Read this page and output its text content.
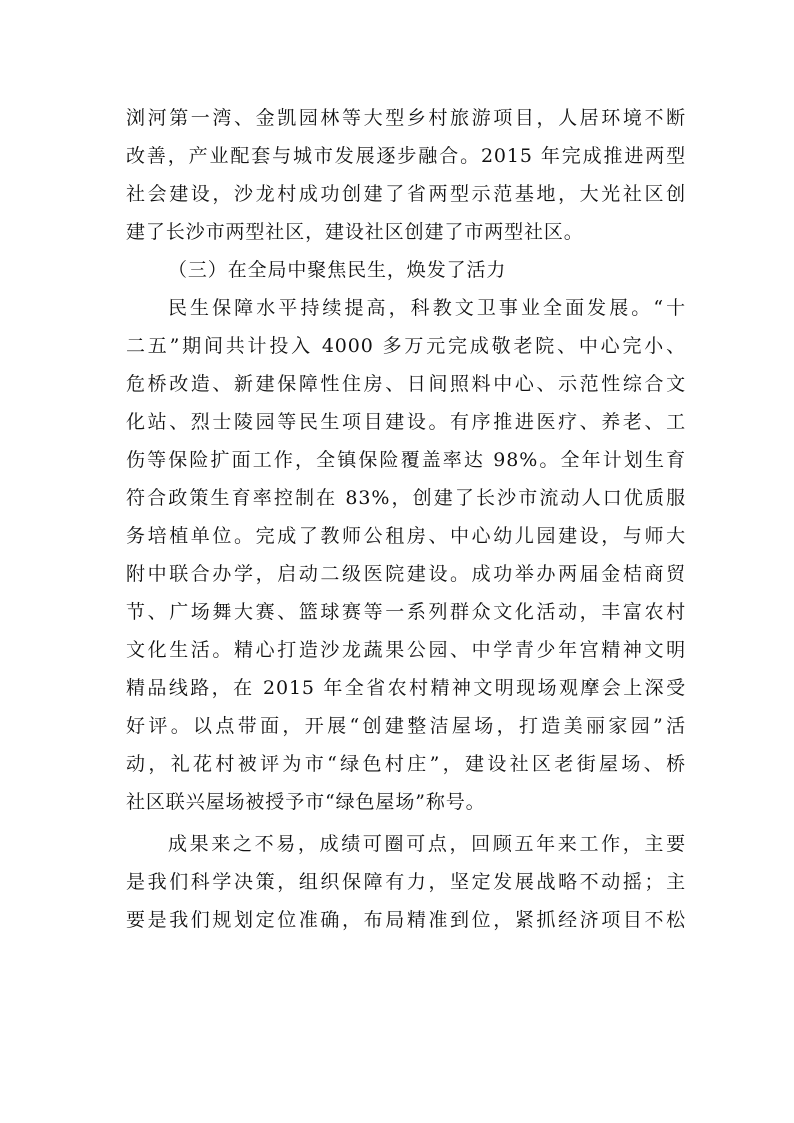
浏河第一湾、金凯园林等大型乡村旅游项目，人居环境不断
改善，产业配套与城市发展逐步融合。2015 年完成推进两型
社会建设，沙龙村成功创建了省两型示范基地，大光社区创
建了长沙市两型社区，建设社区创建了市两型社区。
（三）在全局中聚焦民生，焕发了活力
民生保障水平持续提高，科教文卫事业全面发展。“十
二五”期间共计投入 4000 多万元完成敬老院、中心完小、
危桥改造、新建保障性住房、日间照料中心、示范性综合文
化站、烈士陵园等民生项目建设。有序推进医疗、养老、工
伤等保险扩面工作，全镇保险覆盖率达 98%。全年计划生育
符合政策生育率控制在 83%，创建了长沙市流动人口优质服
务培植单位。完成了教师公租房、中心幼儿园建设，与师大
附中联合办学，启动二级医院建设。成功举办两届金桔商贸
节、广场舞大赛、篮球赛等一系列群众文化活动，丰富农村
文化生活。精心打造沙龙蔬果公园、中学青少年宫精神文明
精品线路，在 2015 年全省农村精神文明现场观摩会上深受
好评。以点带面，开展“创建整洁屋场，打造美丽家园”活
动，礼花村被评为市“绿色村庄”，建设社区老街屋场、桥
社区联兴屋场被授予市“绿色屋场”称号。
成果来之不易，成绩可圈可点，回顾五年来工作，主要
是我们科学决策，组织保障有力，坚定发展战略不动摇；主
要是我们规划定位准确，布局精准到位，紧抓经济项目不松
